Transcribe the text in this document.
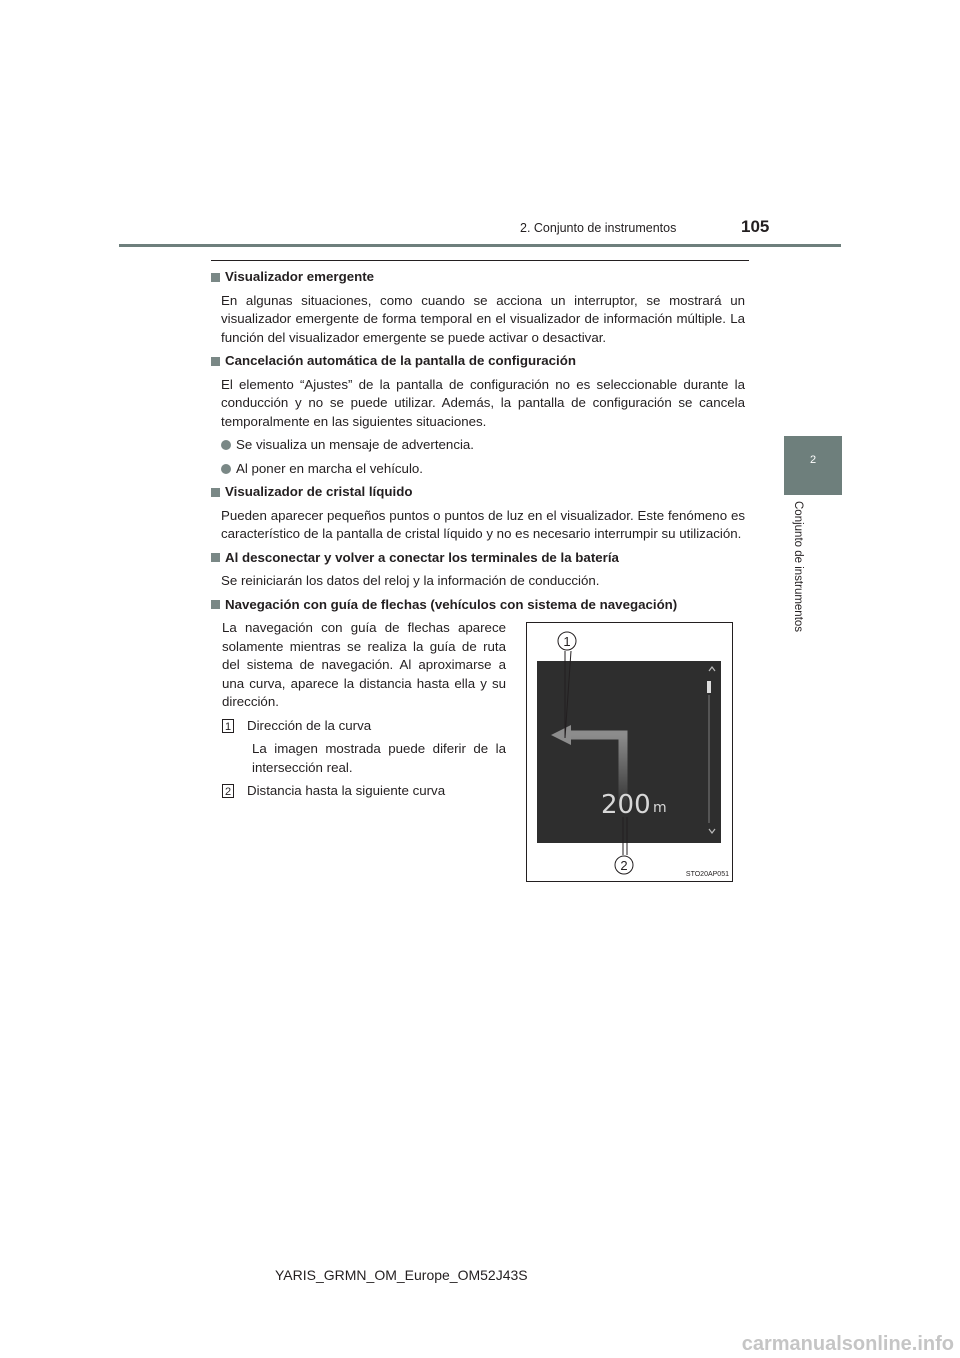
2. Conjunto de instrumentos	105
2
Conjunto de instrumentos
Visualizador emergente

En algunas situaciones, como cuando se acciona un interruptor, se mostrará un visualizador emergente de forma temporal en el visualizador de información múltiple. La función del visualizador emergente se puede activar o desactivar.

Cancelación automática de la pantalla de configuración

El elemento “Ajustes” de la pantalla de configuración no es seleccionable durante la conducción y no se puede utilizar. Además, la pantalla de configuración se cancela temporalmente en las siguientes situaciones.

Se visualiza un mensaje de advertencia.
Al poner en marcha el vehículo.
Visualizador de cristal líquido

Pueden aparecer pequeños puntos o puntos de luz en el visualizador. Este fenómeno es característico de la pantalla de cristal líquido y no es necesario interrumpir su utilización.

Al desconectar y volver a conectar los terminales de la batería

Se reiniciarán los datos del reloj y la información de conducción.

Navegación con guía de flechas (vehículos con sistema de navegación)

La navegación con guía de flechas aparece solamente mientras se realiza la guía de ruta del sistema de navegación. Al aproximarse a una curva, aparece la distancia hasta ella y su dirección.

1 Dirección de la curva

La imagen mostrada puede diferir de la intersección real.

2 Distancia hasta la siguiente curva	200 m
1
2
STO20AP051
YARIS_GRMN_OM_Europe_OM52J43S
carmanualsonline.info
